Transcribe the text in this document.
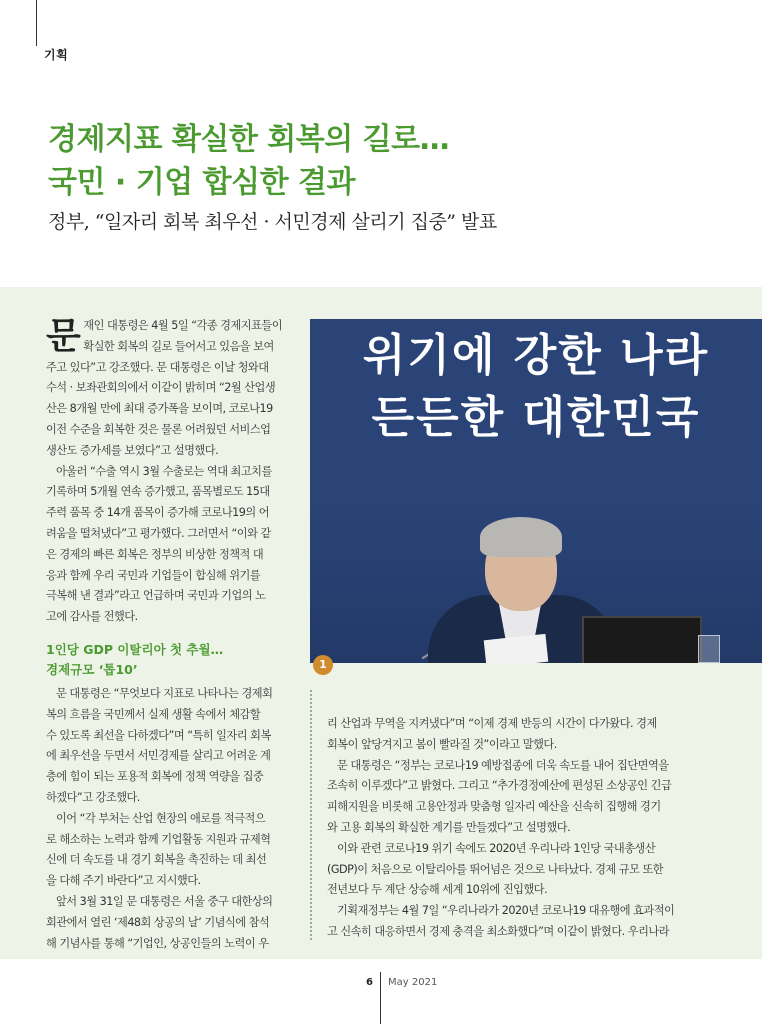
기획
경제지표 확실한 회복의 길로…
국민 · 기업 합심한 결과
정부, “일자리 회복 최우선 · 서민경제 살리기 집중” 발표
문 재인 대통령은 4월 5일 “각종 경제지표들이
확실한 회복의 길로 들어서고 있음을 보여
주고 있다”고 강조했다. 문 대통령은 이날 청와대
수석 · 보좌관회의에서 이같이 밝히며 “2월 산업생
산은 8개월 만에 최대 증가폭을 보이며, 코로나19
이전 수준을 회복한 것은 물론 어려웠던 서비스업
생산도 증가세를 보였다”고 설명했다.
아울러 “수출 역시 3월 수출로는 역대 최고치를
기록하며 5개월 연속 증가했고, 품목별로도 15대
주력 품목 중 14개 품목이 증가해 코로나19의 어
려움을 떨쳐냈다”고 평가했다. 그러면서 “이와 같
은 경제의 빠른 회복은 정부의 비상한 정책적 대
응과 함께 우리 국민과 기업들이 합심해 위기를
극복해 낸 결과”라고 언급하며 국민과 기업의 노
고에 감사를 전했다.
1인당 GDP 이탈리아 첫 추월…
경제규모 ‘톱10’
문 대통령은 “무엇보다 지표로 나타나는 경제회
복의 흐름을 국민께서 실제 생활 속에서 체감할
수 있도록 최선을 다하겠다”며 “특히 일자리 회복
에 최우선을 두면서 서민경제를 살리고 어려운 계
층에 힘이 되는 포용적 회복에 정책 역량을 집중
하겠다”고 강조했다.
이어 “각 부처는 산업 현장의 애로를 적극적으
로 해소하는 노력과 함께 기업활동 지원과 규제혁
신에 더 속도를 내 경기 회복을 촉진하는 데 최선
을 다해 주기 바란다”고 지시했다.
앞서 3월 31일 문 대통령은 서울 중구 대한상의
회관에서 열린 ‘제48회 상공의 날’ 기념식에 참석
해 기념사를 통해 “기업인, 상공인들의 노력이 우
위기에 강한 나라
든든한 대한민국
1
리 산업과 무역을 지켜냈다”며 “이제 경제 반등의 시간이 다가왔다. 경제
회복이 앞당겨지고 봄이 빨라질 것”이라고 말했다.
문 대통령은 “정부는 코로나19 예방접종에 더욱 속도를 내어 집단면역을
조속히 이루겠다”고 밝혔다. 그리고 “추가경정예산에 편성된 소상공인 긴급
피해지원을 비롯해 고용안정과 맞춤형 일자리 예산을 신속히 집행해 경기
와 고용 회복의 확실한 계기를 만들겠다”고 설명했다.
이와 관련 코로나19 위기 속에도 2020년 우리나라 1인당 국내총생산
(GDP)이 처음으로 이탈리아를 뛰어넘은 것으로 나타났다. 경제 규모 또한
전년보다 두 계단 상승해 세계 10위에 진입했다.
기획재정부는 4월 7일 “우리나라가 2020년 코로나19 대유행에 효과적이
고 신속히 대응하면서 경제 충격을 최소화했다”며 이같이 밝혔다. 우리나라
6 May 2021
